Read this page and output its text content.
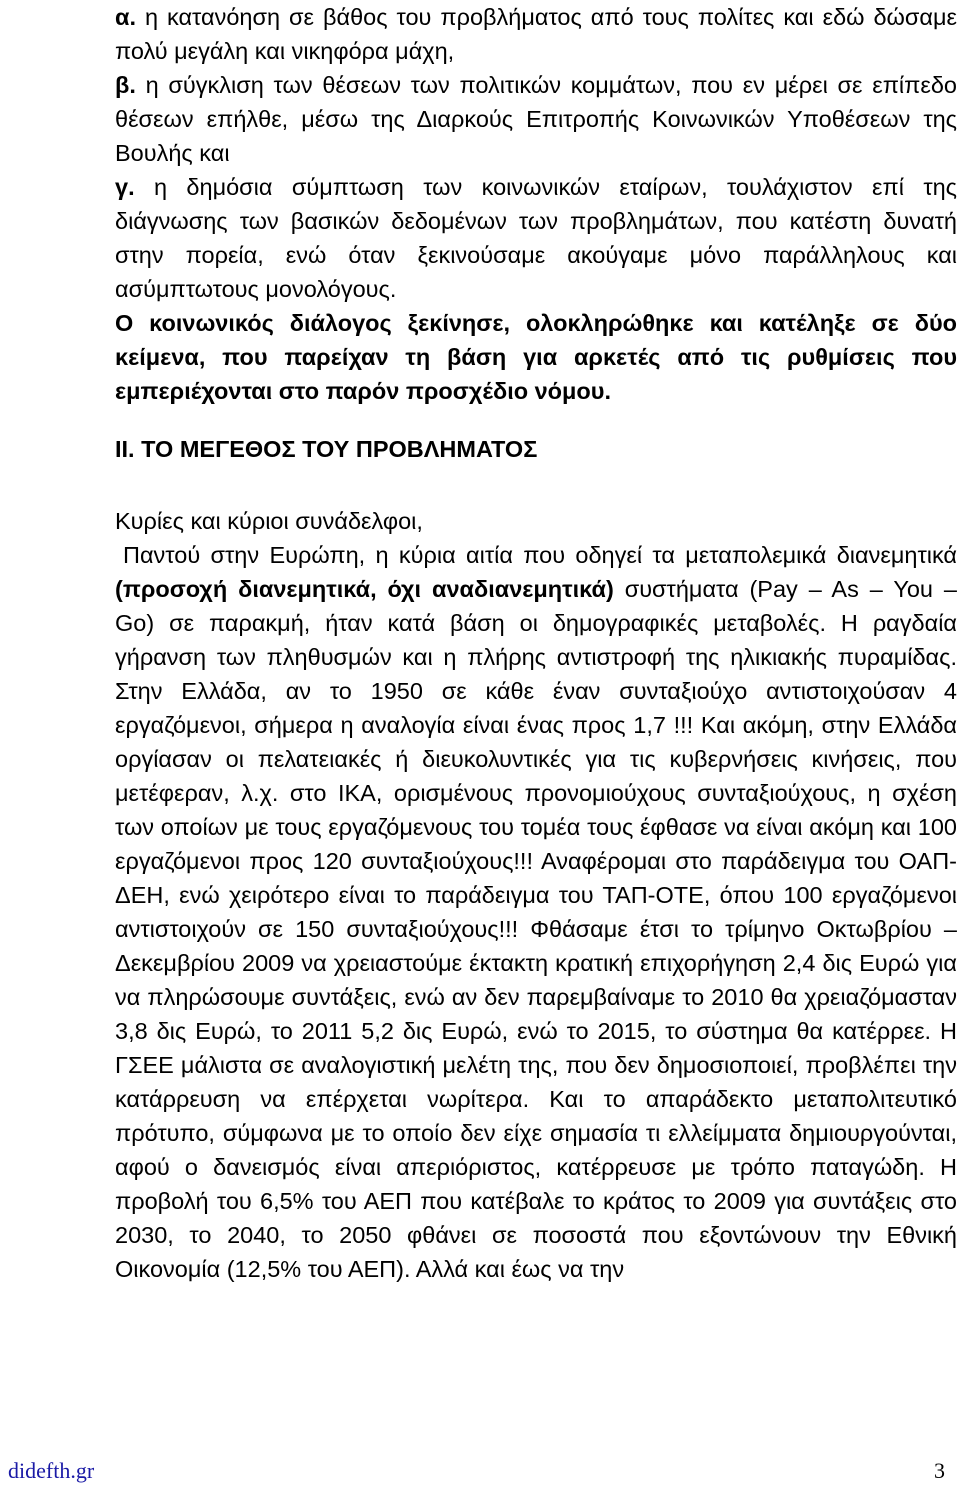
α. η κατανόηση σε βάθος του προβλήματος από τους πολίτες και εδώ δώσαμε πολύ μεγάλη και νικηφόρα μάχη,

β. η σύγκλιση των θέσεων των πολιτικών κομμάτων, που εν μέρει σε επίπεδο θέσεων επήλθε, μέσω της Διαρκούς Επιτροπής Κοινωνικών Υποθέσεων της Βουλής και

γ. η δημόσια σύμπτωση των κοινωνικών εταίρων, τουλάχιστον επί της διάγνωσης των βασικών δεδομένων των προβλημάτων, που κατέστη δυνατή στην πορεία, ενώ όταν ξεκινούσαμε ακούγαμε μόνο παράλληλους και ασύμπτωτους μονολόγους.

Ο κοινωνικός διάλογος ξεκίνησε, ολοκληρώθηκε και κατέληξε σε δύο κείμενα, που παρείχαν τη βάση για αρκετές από τις ρυθμίσεις που εμπεριέχονται στο παρόν προσχέδιο νόμου.

ΙΙ. ΤΟ ΜΕΓΕΘΟΣ ΤΟΥ ΠΡΟΒΛΗΜΑΤΟΣ

Κυρίες και κύριοι συνάδελφοι,

Παντού στην Ευρώπη, η κύρια αιτία που οδηγεί τα μεταπολεμικά διανεμητικά (προσοχή διανεμητικά, όχι αναδιανεμητικά) συστήματα (Pay – As – You – Go) σε παρακμή, ήταν κατά βάση οι δημογραφικές μεταβολές. Η ραγδαία γήρανση των πληθυσμών και η πλήρης αντιστροφή της ηλικιακής πυραμίδας. Στην Ελλάδα, αν το 1950 σε κάθε έναν συνταξιούχο αντιστοιχούσαν 4 εργαζόμενοι, σήμερα η αναλογία είναι ένας προς 1,7 !!! Και ακόμη, στην Ελλάδα οργίασαν οι πελατειακές ή διευκολυντικές για τις κυβερνήσεις κινήσεις, που μετέφεραν, λ.χ. στο ΙΚΑ, ορισμένους προνομιούχους συνταξιούχους, η σχέση των οποίων με τους εργαζόμενους του τομέα τους έφθασε να είναι ακόμη και 100 εργαζόμενοι προς 120 συνταξιούχους!!! Αναφέρομαι στο παράδειγμα του ΟΑΠ-ΔΕΗ, ενώ χειρότερο είναι το παράδειγμα του ΤΑΠ-ΟΤΕ, όπου 100 εργαζόμενοι αντιστοιχούν σε 150 συνταξιούχους!!! Φθάσαμε έτσι το τρίμηνο Οκτωβρίου – Δεκεμβρίου 2009 να χρειαστούμε έκτακτη κρατική επιχορήγηση 2,4 δις Ευρώ για να πληρώσουμε συντάξεις, ενώ αν δεν παρεμβαίναμε το 2010 θα χρειαζόμασταν 3,8 δις Ευρώ, το 2011 5,2 δις Ευρώ, ενώ το 2015, το σύστημα θα κατέρρεε. Η ΓΣΕΕ μάλιστα σε αναλογιστική μελέτη της, που δεν δημοσιοποιεί, προβλέπει την κατάρρευση να επέρχεται νωρίτερα. Και το απαράδεκτο μεταπολιτευτικό πρότυπο, σύμφωνα με το οποίο δεν είχε σημασία τι ελλείμματα δημιουργούνται, αφού ο δανεισμός είναι απεριόριστος, κατέρρευσε με τρόπο παταγώδη. Η προβολή του 6,5% του ΑΕΠ που κατέβαλε το κράτος το 2009 για συντάξεις στο 2030, το 2040, το 2050 φθάνει σε ποσοστά που εξοντώνουν την Εθνική Οικονομία (12,5% του ΑΕΠ). Αλλά και έως να την

didefth.gr	3
